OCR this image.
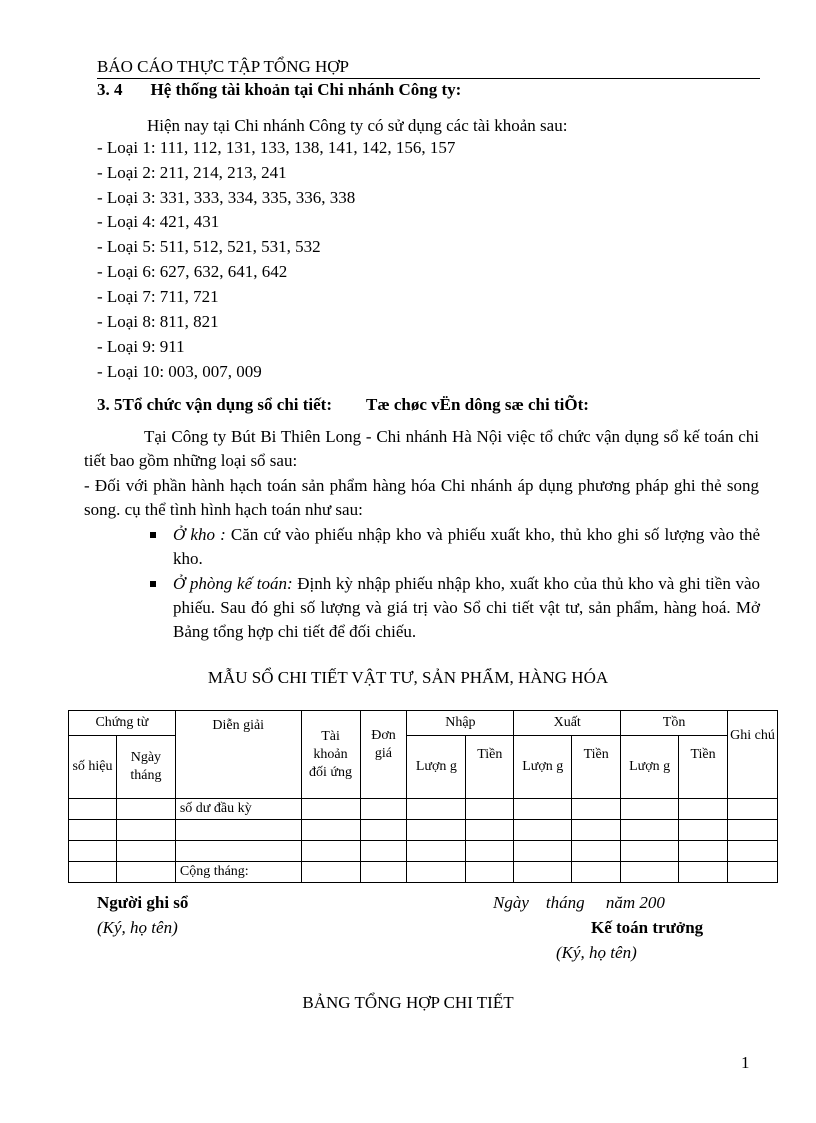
BÁO CÁO THỰC TẬP TỔNG HỢP
3. 4 Hệ thống tài khoản tại Chi nhánh Công ty:
Hiện nay tại Chi nhánh Công ty có sử dụng các tài khoản sau:
- Loại 1: 111, 112, 131, 133, 138, 141, 142, 156, 157
- Loại 2: 211, 214, 213, 241
- Loại 3: 331, 333, 334, 335, 336, 338
- Loại 4: 421, 431
- Loại 5: 511, 512, 521, 531, 532
- Loại 6: 627, 632, 641, 642
- Loại 7: 711, 721
- Loại 8: 811, 821
- Loại 9: 911
- Loại 10: 003, 007, 009
3. 5Tổ chức vận dụng sổ chi tiết: Tæ chøc vËn dông sæ chi tiÕt:
Tại Công ty Bút Bi Thiên Long - Chi nhánh Hà Nội việc tổ chức vận dụng sổ kế toán chi tiết bao gồm những loại sổ sau:
- Đối với phần hành hạch toán sản phẩm hàng hóa Chi nhánh áp dụng phương pháp ghi thẻ song song. cụ thể tình hình hạch toán như sau:
Ở kho : Căn cứ vào phiếu nhập kho và phiếu xuất kho, thủ kho ghi số lượng vào thẻ kho.
Ở phòng kế toán: Định kỳ nhập phiếu nhập kho, xuất kho của thủ kho và ghi tiền vào phiếu. Sau đó ghi số lượng và giá trị vào Sổ chi tiết vật tư, sản phẩm, hàng hoá. Mở Bảng tổng hợp chi tiết để đối chiếu.
MẪU SỔ CHI TIẾT VẬT TƯ, SẢN PHẨM, HÀNG HÓA
Chứng từ		Diễn giải	Tài khoản đối ứng	Đơn giá	Nhập		Xuất		Tồn		Ghi chú
số hiệu	Ngày tháng				Lượn g	Tiền	Lượn g	Tiền	Lượn g	Tiền	
		số dư đầu kỳ									

		Cộng tháng:									
Người ghi sổ
(Ký, họ tên)
Ngày    tháng     năm 200
Kế toán trưởng
(Ký, họ tên)
BẢNG TỔNG HỢP CHI TIẾT
1
